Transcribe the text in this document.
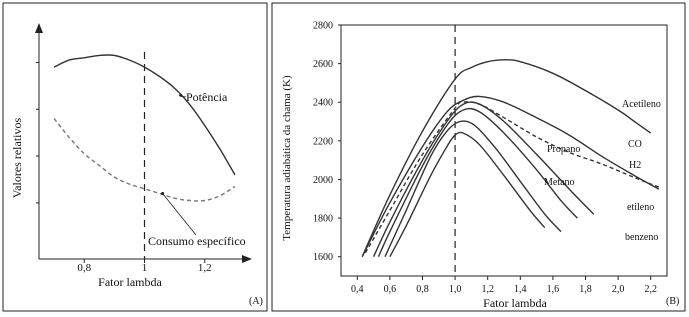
0,8	1	1,2
Potência
Consumo específico
Fator lambda
Valores relativos
(A)
0,4 0,6 0,8 1,0 1,2 1,4 1,6 1,8 2,0 2,2
1600
1800
2000
2200
2400
2600
2800
Acetileno
CO
H2
etileno
Propano
benzeno
Metano
Fator lambda
Temperatura adiabática da chama (K)
(B)
